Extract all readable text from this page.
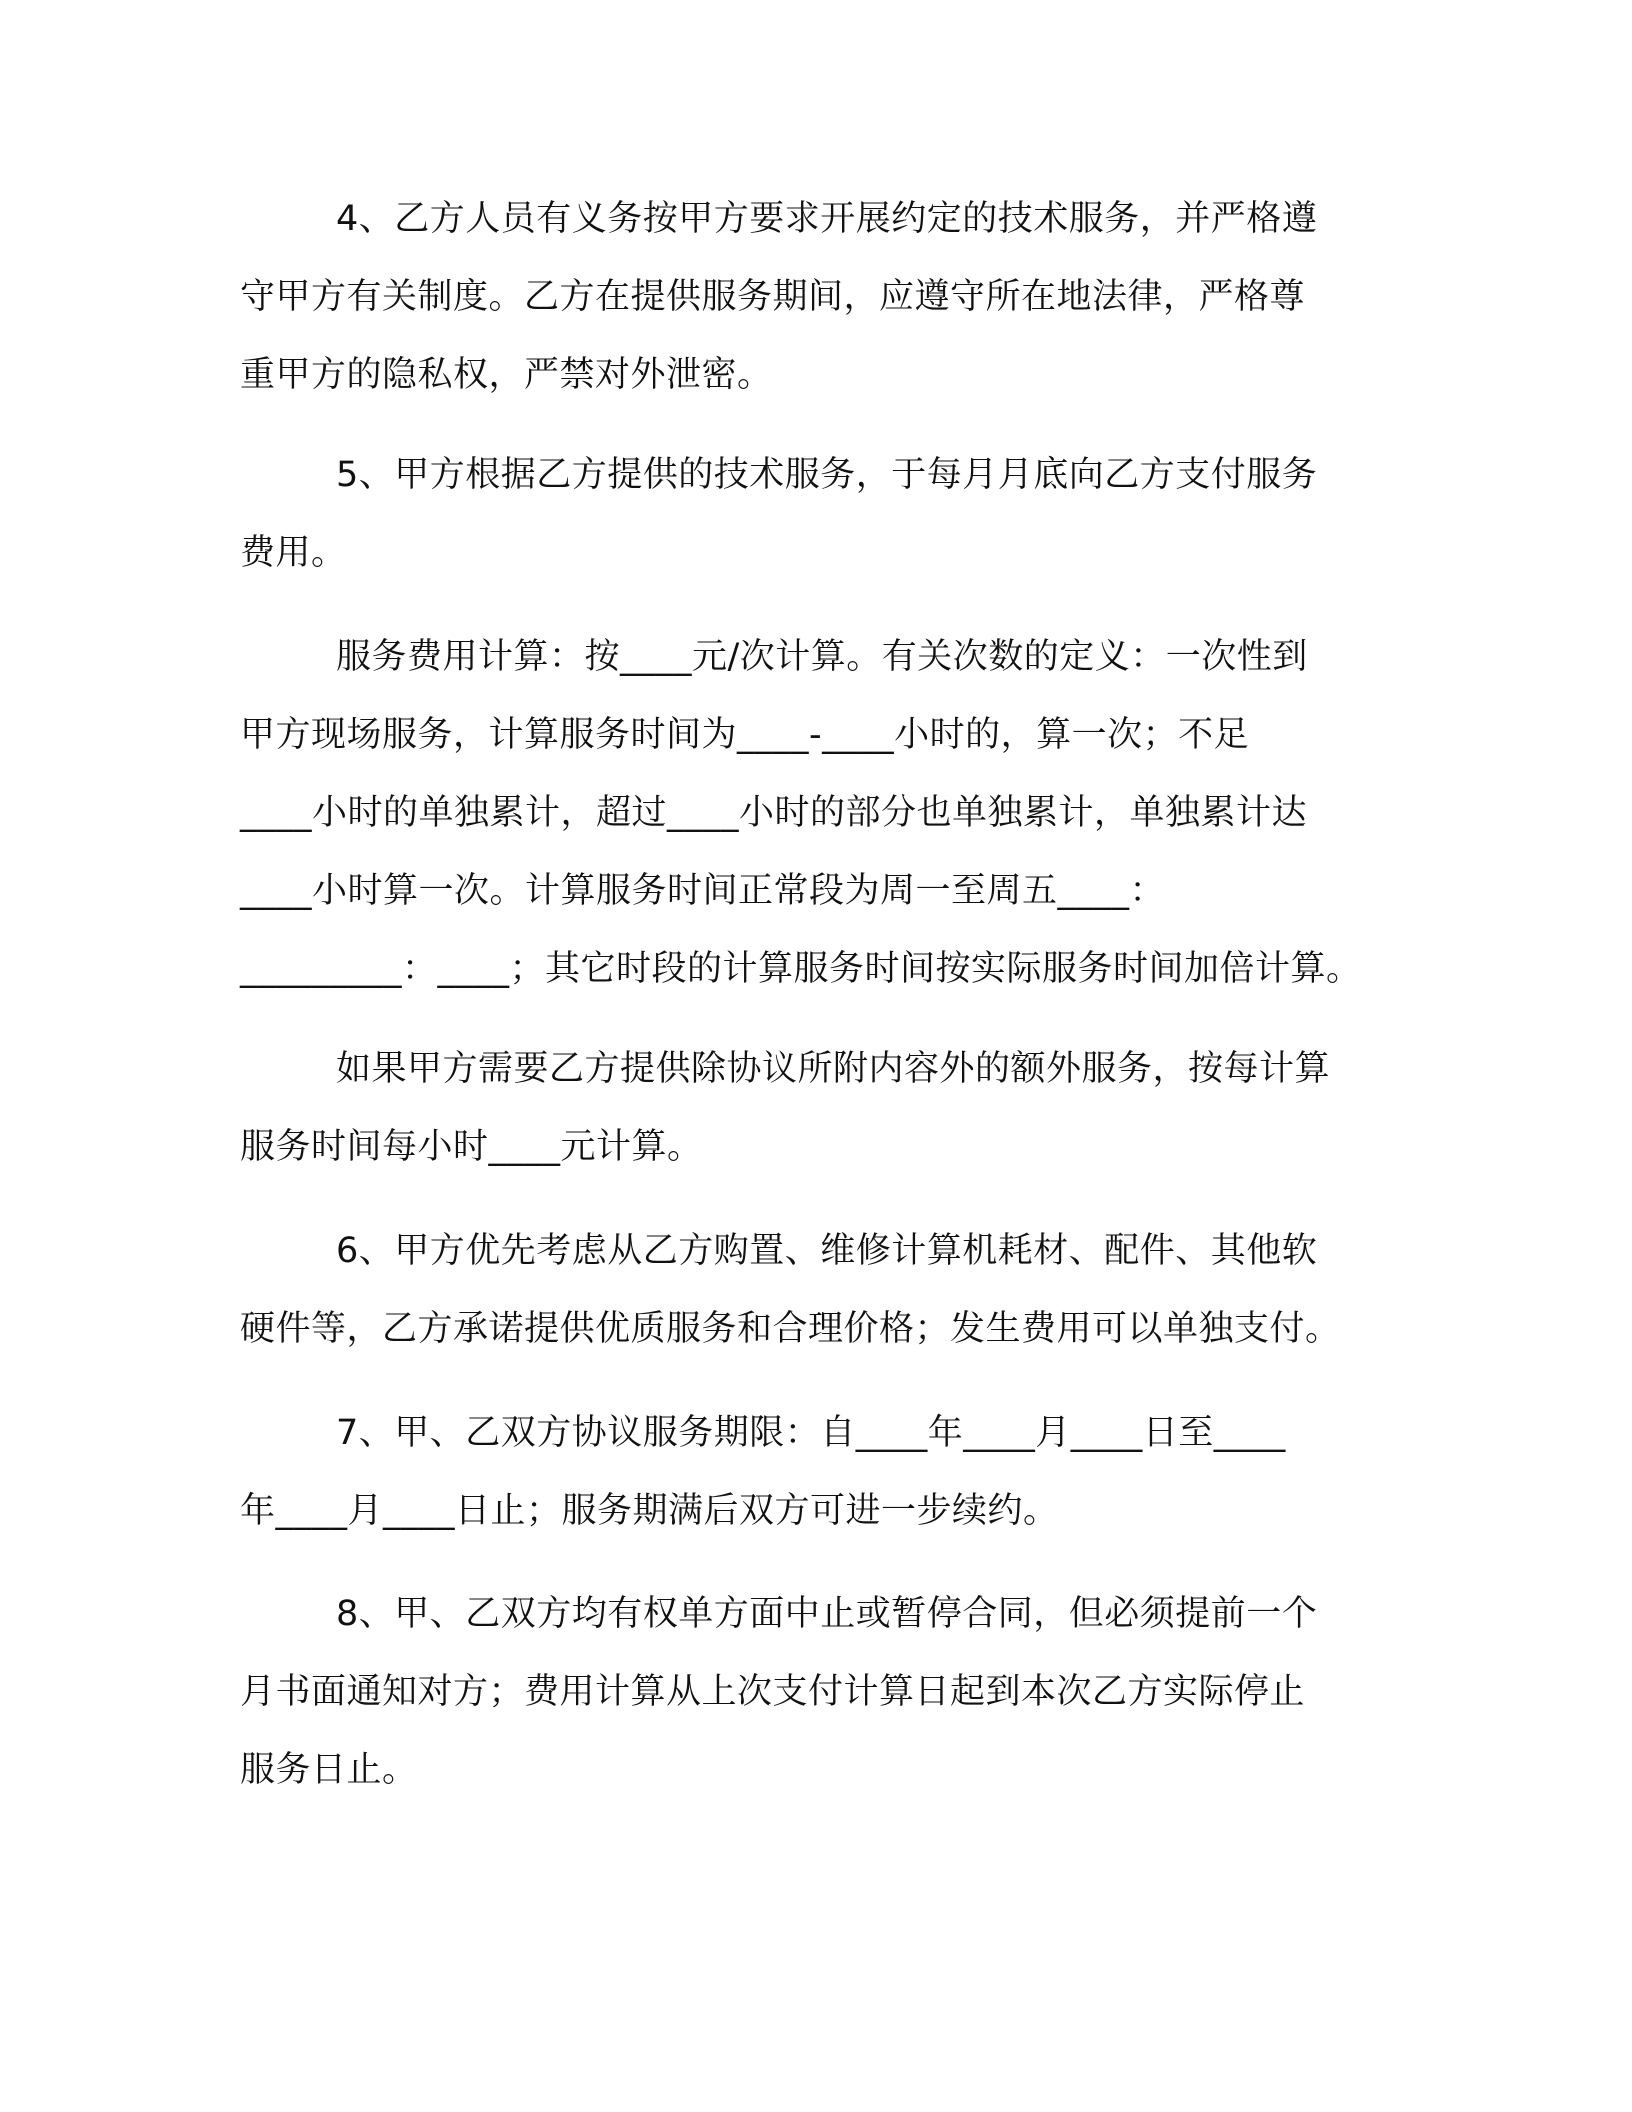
4、乙方人员有义务按甲方要求开展约定的技术服务，并严格遵
守甲方有关制度。乙方在提供服务期间，应遵守所在地法律，严格尊
重甲方的隐私权，严禁对外泄密。
5、甲方根据乙方提供的技术服务，于每月月底向乙方支付服务
费用。
服务费用计算：按____元/次计算。有关次数的定义：一次性到
甲方现场服务，计算服务时间为____-____小时的，算一次；不足
____小时的单独累计，超过____小时的部分也单独累计，单独累计达
____小时算一次。计算服务时间正常段为周一至周五____：
_________：____；其它时段的计算服务时间按实际服务时间加倍计算。
如果甲方需要乙方提供除协议所附内容外的额外服务，按每计算
服务时间每小时____元计算。
6、甲方优先考虑从乙方购置、维修计算机耗材、配件、其他软
硬件等，乙方承诺提供优质服务和合理价格；发生费用可以单独支付。
7、甲、乙双方协议服务期限：自____年____月____日至____
年____月____日止；服务期满后双方可进一步续约。
8、甲、乙双方均有权单方面中止或暂停合同，但必须提前一个
月书面通知对方；费用计算从上次支付计算日起到本次乙方实际停止
服务日止。
